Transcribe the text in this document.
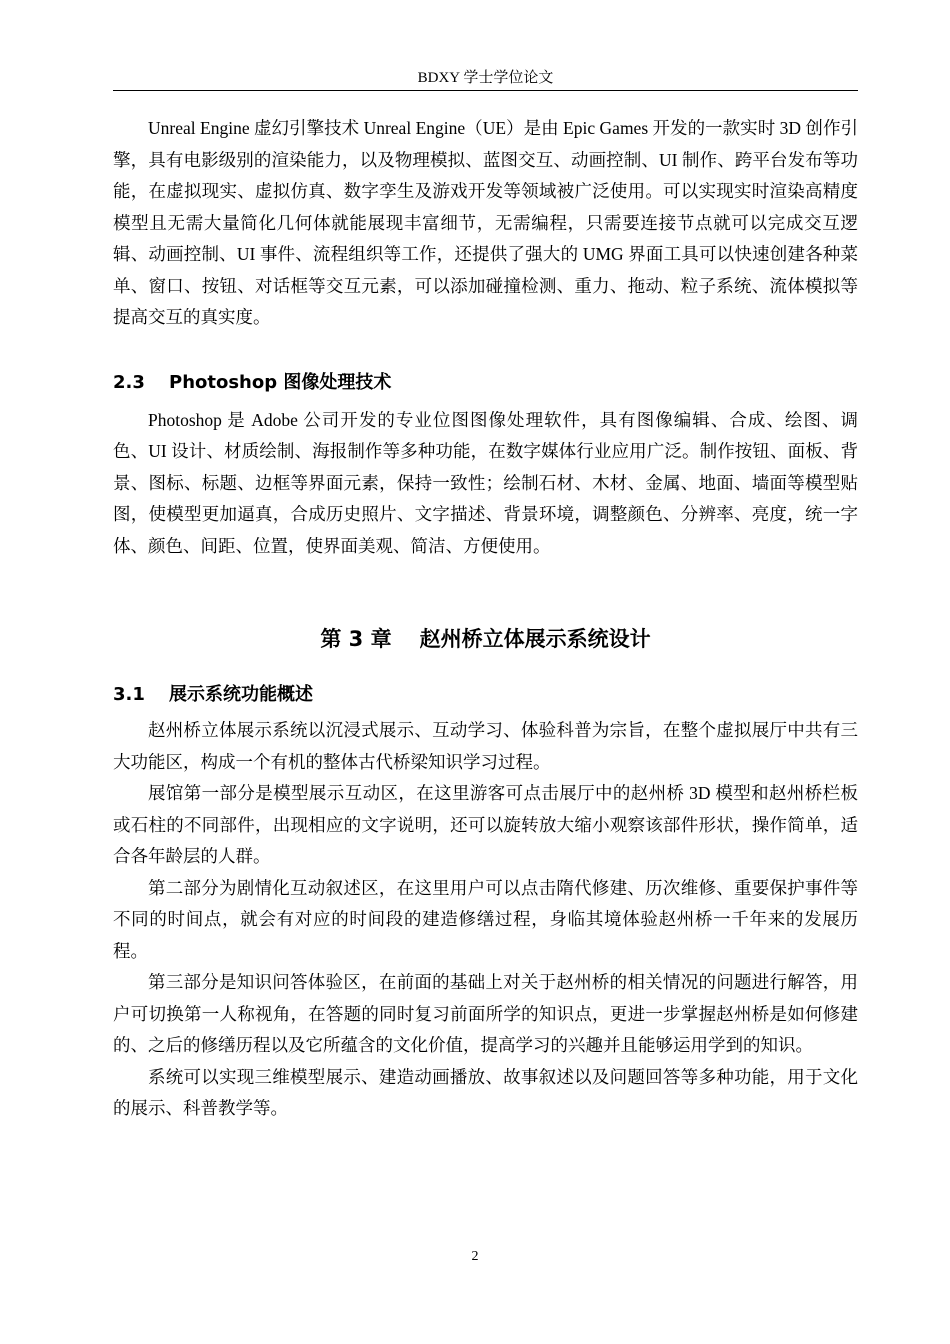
BDXY 学士学位论文

Unreal Engine 虚幻引擎技术 Unreal Engine（UE）是由 Epic Games 开发的一款实时 3D 创作引擎，具有电影级别的渲染能力，以及物理模拟、蓝图交互、动画控制、UI 制作、跨平台发布等功能，在虚拟现实、虚拟仿真、数字孪生及游戏开发等领域被广泛使用。可以实现实时渲染高精度模型且无需大量简化几何体就能展现丰富细节，无需编程，只需要连接节点就可以完成交互逻辑、动画控制、UI 事件、流程组织等工作，还提供了强大的 UMG 界面工具可以快速创建各种菜单、窗口、按钮、对话框等交互元素，可以添加碰撞检测、重力、拖动、粒子系统、流体模拟等提高交互的真实度。

2.3 Photoshop 图像处理技术

Photoshop 是 Adobe 公司开发的专业位图图像处理软件，具有图像编辑、合成、绘图、调色、UI 设计、材质绘制、海报制作等多种功能，在数字媒体行业应用广泛。制作按钮、面板、背景、图标、标题、边框等界面元素，保持一致性；绘制石材、木材、金属、地面、墙面等模型贴图，使模型更加逼真，合成历史照片、文字描述、背景环境，调整颜色、分辨率、亮度，统一字体、颜色、间距、位置，使界面美观、简洁、方便使用。

第 3 章 赵州桥立体展示系统设计
3.1 展示系统功能概述

赵州桥立体展示系统以沉浸式展示、互动学习、体验科普为宗旨，在整个虚拟展厅中共有三大功能区，构成一个有机的整体古代桥梁知识学习过程。

展馆第一部分是模型展示互动区，在这里游客可点击展厅中的赵州桥 3D 模型和赵州桥栏板或石柱的不同部件，出现相应的文字说明，还可以旋转放大缩小观察该部件形状，操作简单，适合各年龄层的人群。

第二部分为剧情化互动叙述区，在这里用户可以点击隋代修建、历次维修、重要保护事件等不同的时间点，就会有对应的时间段的建造修缮过程，身临其境体验赵州桥一千年来的发展历程。

第三部分是知识问答体验区，在前面的基础上对关于赵州桥的相关情况的问题进行解答，用户可切换第一人称视角，在答题的同时复习前面所学的知识点，更进一步掌握赵州桥是如何修建的、之后的修缮历程以及它所蕴含的文化价值，提高学习的兴趣并且能够运用学到的知识。

系统可以实现三维模型展示、建造动画播放、故事叙述以及问题回答等多种功能，用于文化的展示、科普教学等。

2
